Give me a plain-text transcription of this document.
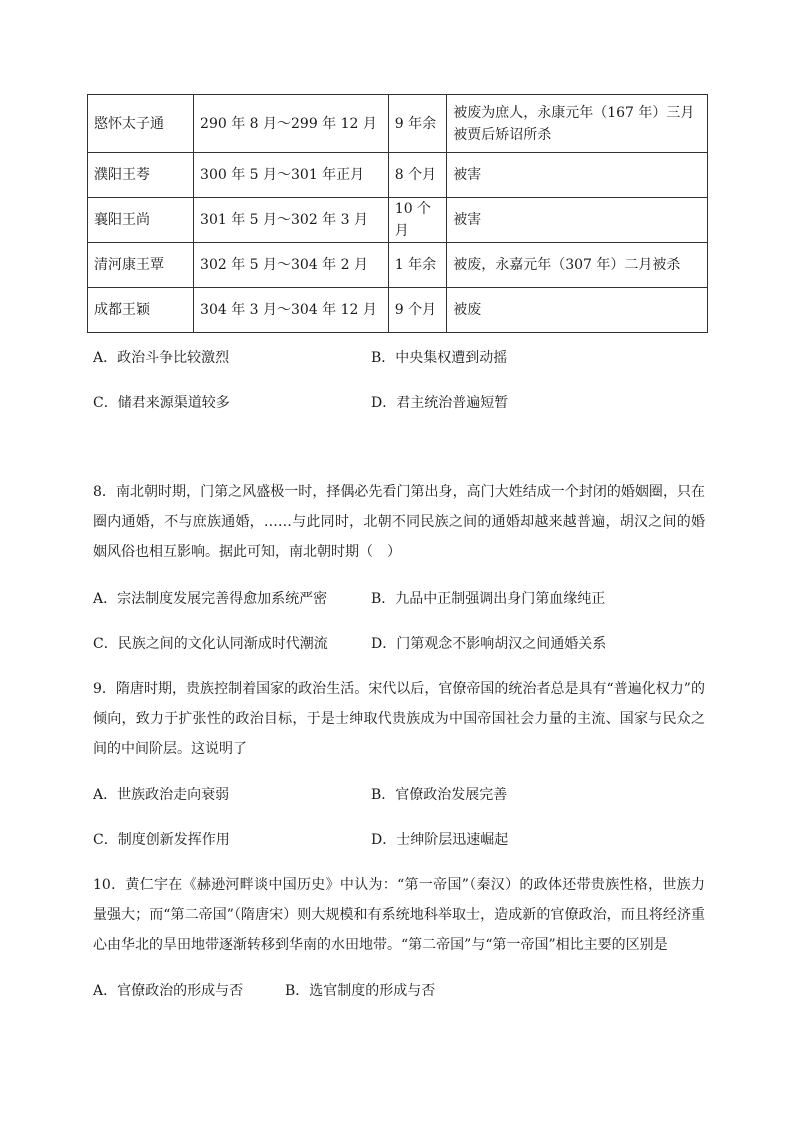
愍怀太子通	290 年 8 月～299 年 12 月	9 年余	被废为庶人，永康元年（167 年）三月被贾后矫诏所杀
濮阳王荂	300 年 5 月～301 年正月	8 个月	被害
襄阳王尚	301 年 5 月～302 年 3 月	10 个月	被害
清河康王覃	302 年 5 月～304 年 2 月	1 年余	被废，永嘉元年（307 年）二月被杀
成都王颖	304 年 3 月～304 年 12 月	9 个月	被废
A．政治斗争比较激烈	B．中央集权遭到动摇
C．储君来源渠道较多	D．君主统治普遍短暂
8．南北朝时期，门第之风盛极一时，择偶必先看门第出身，高门大姓结成一个封闭的婚姻圈，只在圈内通婚，不与庶族通婚，……与此同时，北朝不同民族之间的通婚却越来越普遍，胡汉之间的婚姻风俗也相互影响。据此可知，南北朝时期（　）
A．宗法制度发展完善得愈加系统严密	B．九品中正制强调出身门第血缘纯正
C．民族之间的文化认同渐成时代潮流	D．门第观念不影响胡汉之间通婚关系
9．隋唐时期，贵族控制着国家的政治生活。宋代以后，官僚帝国的统治者总是具有“普遍化权力”的倾向，致力于扩张性的政治目标，于是士绅取代贵族成为中国帝国社会力量的主流、国家与民众之间的中间阶层。这说明了
A．世族政治走向衰弱	B．官僚政治发展完善
C．制度创新发挥作用	D．士绅阶层迅速崛起
10．黄仁宇在《赫逊河畔谈中国历史》中认为：“第一帝国”（秦汉）的政体还带贵族性格，世族力量强大；而“第二帝国”（隋唐宋）则大规模和有系统地科举取士，造成新的官僚政治，而且将经济重心由华北的旱田地带逐渐转移到华南的水田地带。“第二帝国”与“第一帝国”相比主要的区别是
A．官僚政治的形成与否	B．选官制度的形成与否
